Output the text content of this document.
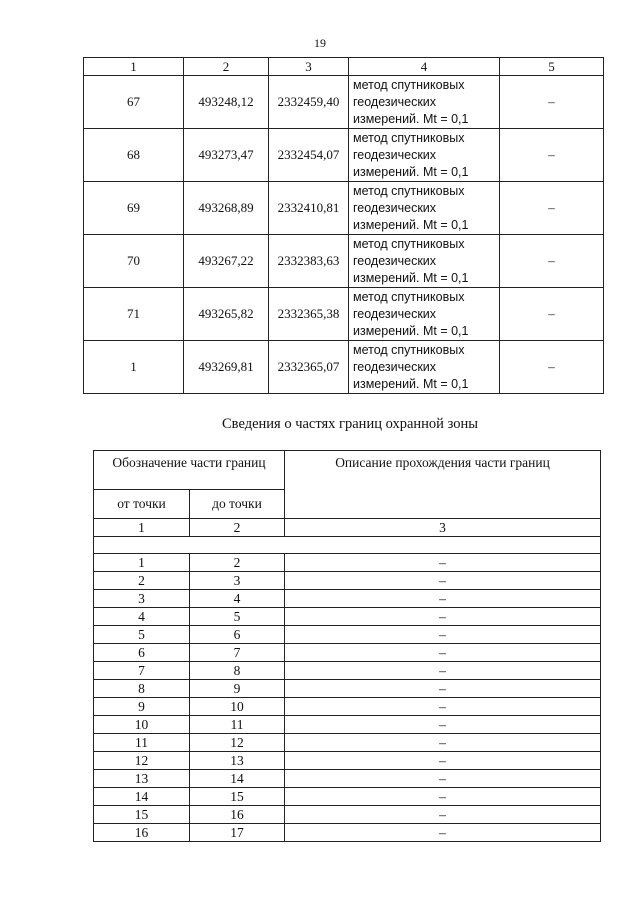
19
1	2	3	4	5
67	493248,12	2332459,40	метод спутниковых
геодезических
измерений. Mt = 0,1	–
68	493273,47	2332454,07	метод спутниковых
геодезических
измерений. Mt = 0,1	–
69	493268,89	2332410,81	метод спутниковых
геодезических
измерений. Mt = 0,1	–
70	493267,22	2332383,63	метод спутниковых
геодезических
измерений. Mt = 0,1	–
71	493265,82	2332365,38	метод спутниковых
геодезических
измерений. Mt = 0,1	–
1	493269,81	2332365,07	метод спутниковых
геодезических
измерений. Mt = 0,1	–
Сведения о частях границ охранной зоны
Обозначение части границ		Описание прохождения части границ
от точки	до точки	
1	2	3

1	2	–
2	3	–
3	4	–
4	5	–
5	6	–
6	7	–
7	8	–
8	9	–
9	10	–
10	11	–
11	12	–
12	13	–
13	14	–
14	15	–
15	16	–
16	17	–
